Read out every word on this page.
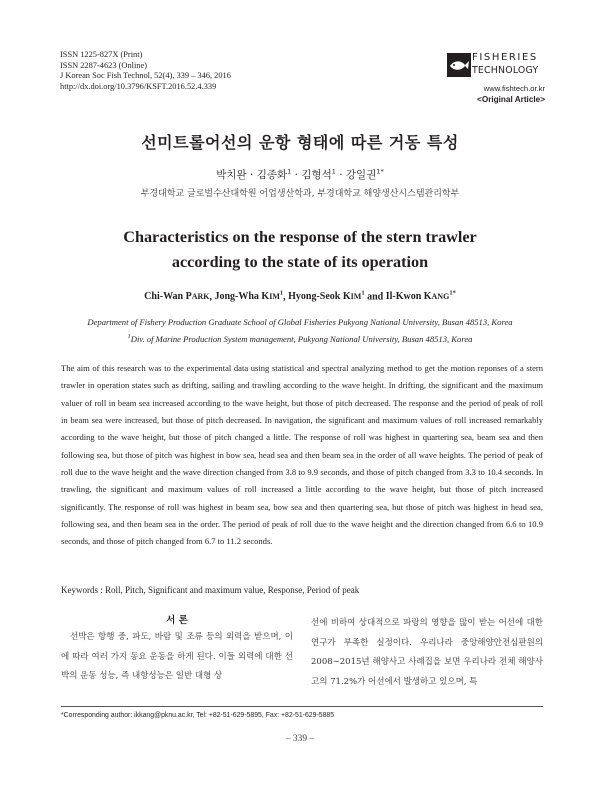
ISSN 1225-827X (Print)
ISSN 2287-4623 (Online)
J Korean Soc Fish Technol, 52(4), 339 – 346, 2016
http://dx.doi.org/10.3796/KSFT.2016.52.4.339
FISHERIES
TECHNOLOGY
www.fishtech.or.kr
<Original Article>
선미트롤어선의 운항 형태에 따른 거동 특성
박치완 · 김종화$^1$ · 김형석$^1$ · 강일권$^{1*}$
부경대학교 글로벌수산대학원 어업생산학과, 부경대학교 해양생산시스템관리학부
Characteristics on the response of the stern trawler
according to the state of its operation
Chi-Wan PARK, Jong-Wha KIM$^1$, Hyong-Seok KIM$^1$ and Il-Kwon $KANG^{1*}$
Department of Fishery Production Graduate School of Global Fisheries Pukyong National University, Busan 48513, Korea
$^1$Div. of Marine Production System management, Pukyong National University, Busan 48513, Korea
The aim of this research was to the experimental data using statistical and spectral analyzing method to get the motion reponses of a stern trawler in operation states such as drifting, sailing and trawling according to the wave height. In drifting, the significant and the maximum valuer of roll in beam sea increased according to the wave height, but those of pitch decreased. The response and the period of peak of roll in beam sea were increased, but those of pitch decreased. In navigation, the significant and maximum values of roll increased remarkably according to the wave height, but those of pitch changed a little. The response of roll was highest in quartering sea, beam sea and then following sea, but those of pitch was highest in bow sea, head sea and then beam sea in the order of all wave heights. The period of peak of roll due to the wave height and the wave direction changed from 3.8 to 9.9 seconds, and those of pitch changed from 3.3 to 10.4 seconds. In trawling, the significant and maximum values of roll increased a little according to the wave height, but those of pitch increased significantly. The response of roll was highest in beam sea, bow sea and then quartering sea, but those of pitch was highest in head sea, following sea, and then beam sea in the order. The period of peak of roll due to the wave height and the direction changed from 6.6 to 10.9 seconds, and those of pitch changed from 6.7 to 11.2 seconds.
Keywords : Roll, Pitch, Significant and maximum value, Response, Period of peak
서 론

선박은 항행 중, 파도, 바람 및 조류 등의 외력을 받으며, 이에 따라 여러 가지 동요 운동을 하게 된다. 이들 외력에 대한 선박의 운동 성능, 즉 내항성능은 일반 대형 상

선에 비하여 상대적으로 파랑의 영향을 많이 받는 어선에 대한 연구가 부족한 실정이다. 우리나라 중앙해양안전심판원의 2008∼2015년 해양사고 사례집을 보면 우리나라 전체 해양사고의 71.2%가 어선에서 발생하고 있으며, 특

*Corresponding author: ikkang@pknu.ac.kr, Tel: +82-51-629-5895, Fax: +82-51-629-5885
– 339 –
